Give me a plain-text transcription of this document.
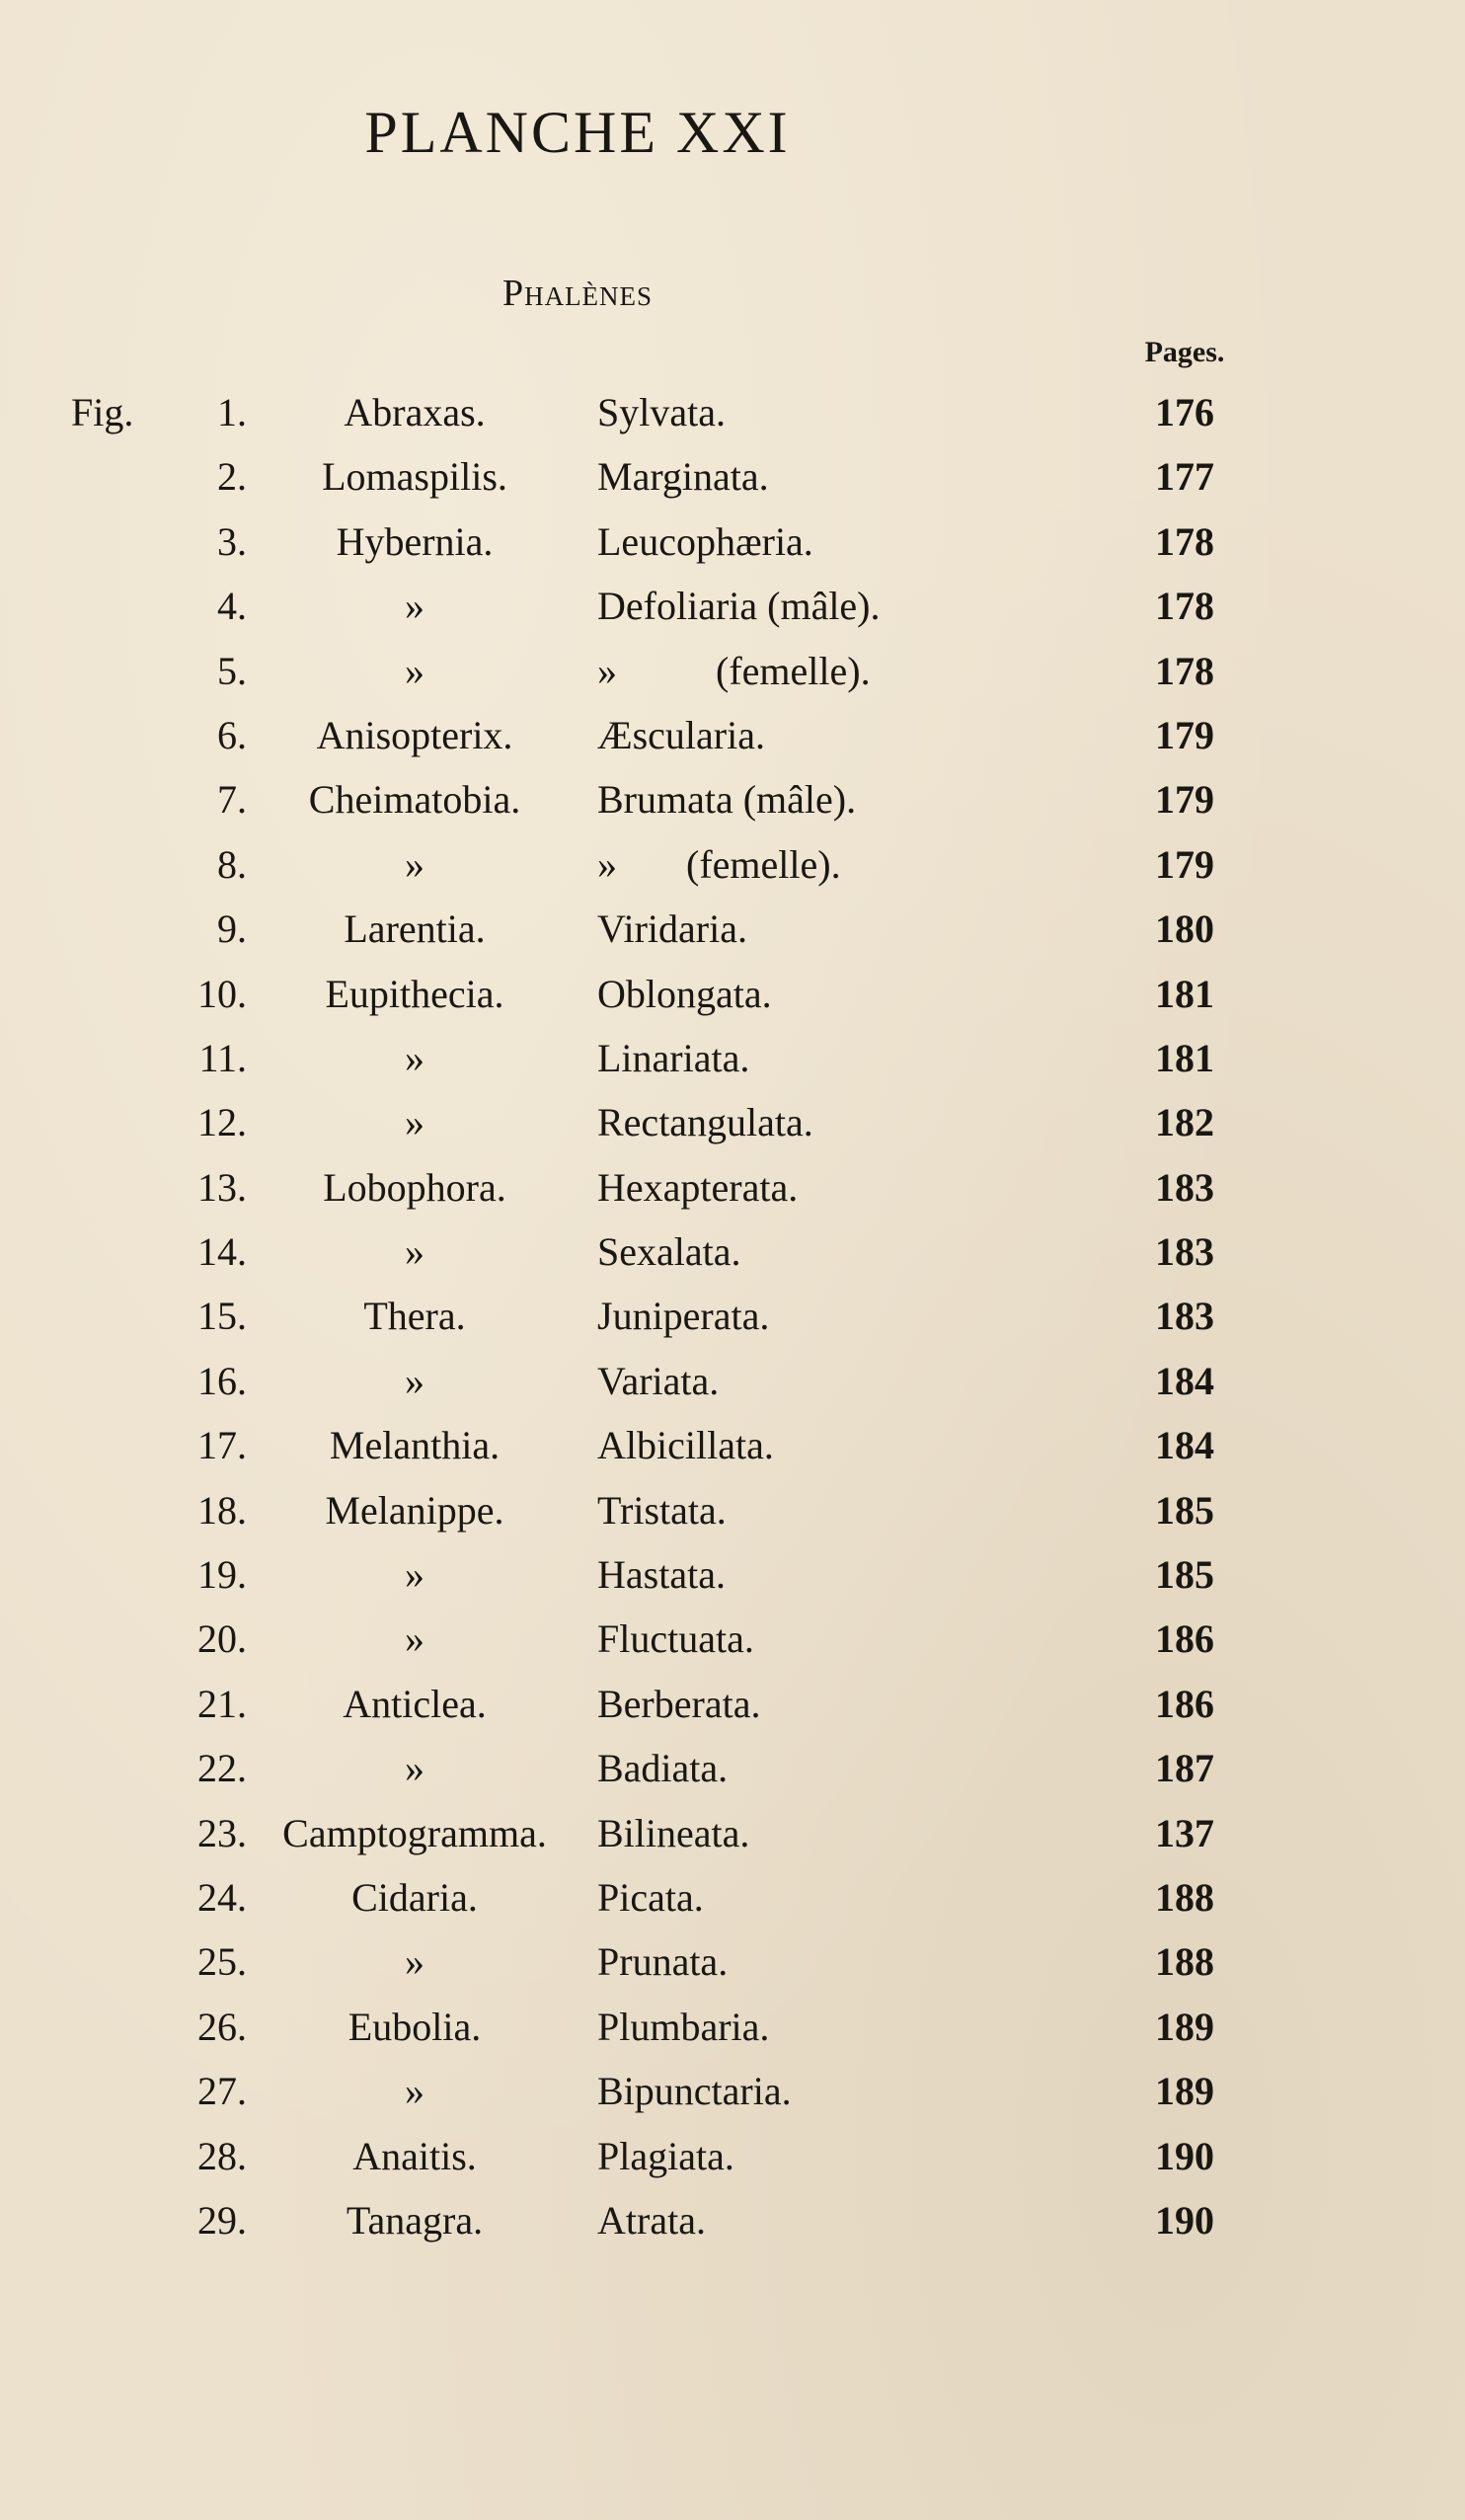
PLANCHE XXI
Phalènes
Pages.
Fig.	1.	Abraxas.	Sylvata.	176
2.	Lomaspilis.	Marginata.	177
3.	Hybernia.	Leucophæria.	178
4.	»	Defoliaria (mâle).	178
5.	»	»          (femelle).	178
6.	Anisopterix.	Æscularia.	179
7.	Cheimatobia.	Brumata (mâle).	179
8.	»	»       (femelle).	179
9.	Larentia.	Viridaria.	180
10.	Eupithecia.	Oblongata.	181
11.	»	Linariata.	181
12.	»	Rectangulata.	182
13.	Lobophora.	Hexapterata.	183
14.	»	Sexalata.	183
15.	Thera.	Juniperata.	183
16.	»	Variata.	184
17.	Melanthia.	Albicillata.	184
18.	Melanippe.	Tristata.	185
19.	»	Hastata.	185
20.	»	Fluctuata.	186
21.	Anticlea.	Berberata.	186
22.	»	Badiata.	187
23. Camptogramma.	Bilineata.	137
24.	Cidaria.	Picata.	188
25.	»	Prunata.	188
26.	Eubolia.	Plumbaria.	189
27.	»	Bipunctaria.	189
28.	Anaitis.	Plagiata.	190
29.	Tanagra.	Atrata.	190
